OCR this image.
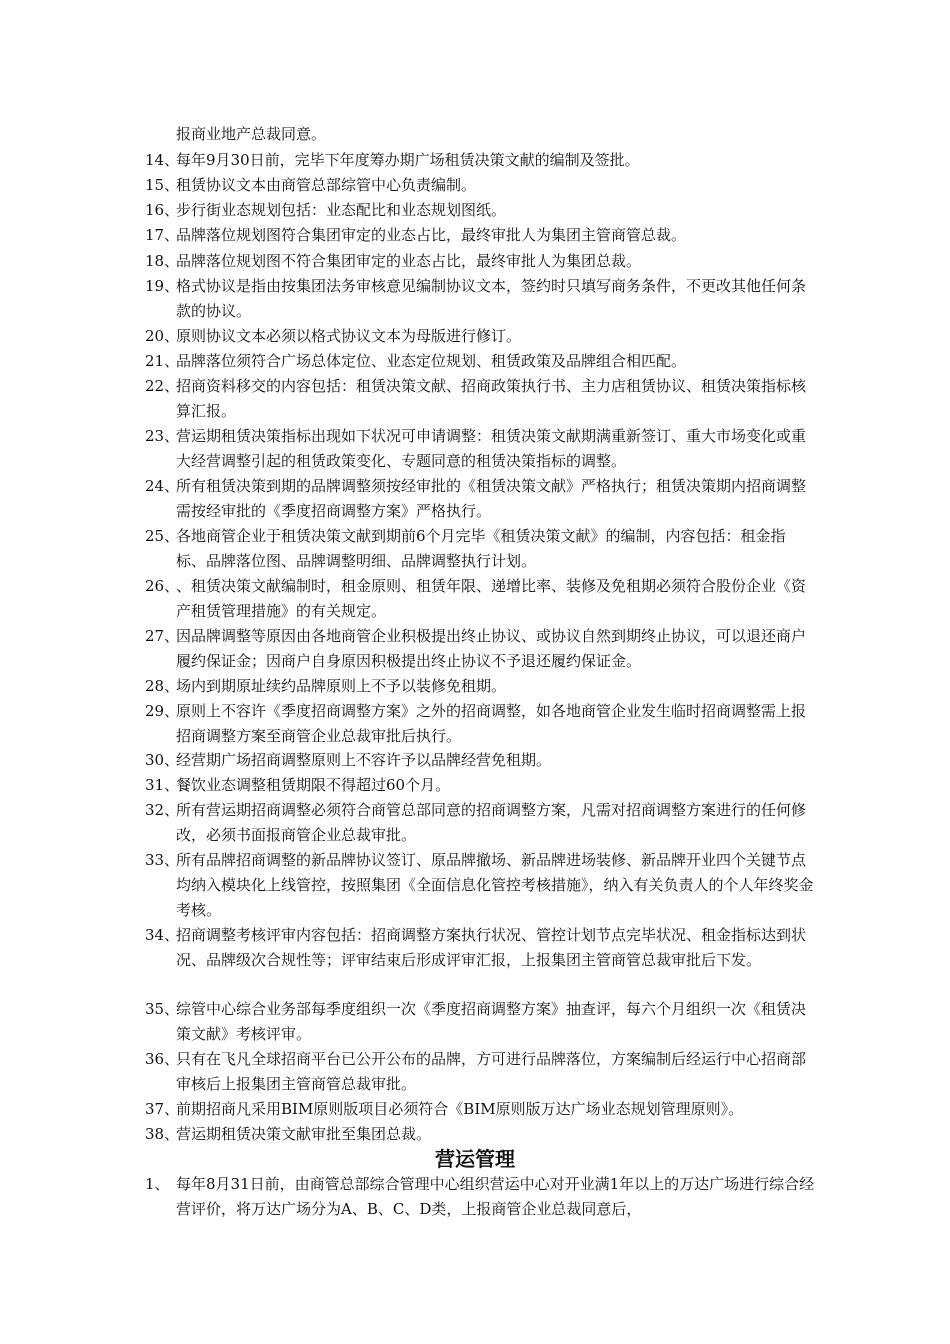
报商业地产总裁同意。
14、
每年9月30日前，完毕下年度筹办期广场租赁决策文献的编制及签批。
15、
租赁协议文本由商管总部综管中心负责编制。
16、
步行街业态规划包括：业态配比和业态规划图纸。
17、
品牌落位规划图符合集团审定的业态占比，最终审批人为集团主管商管总裁。
18、
品牌落位规划图不符合集团审定的业态占比，最终审批人为集团总裁。
19、
格式协议是指由按集团法务审核意见编制协议文本，签约时只填写商务条件，不更改其他任何条款的协议。
20、
原则协议文本必须以格式协议文本为母版进行修订。
21、
品牌落位须符合广场总体定位、业态定位规划、租赁政策及品牌组合相匹配。
22、
招商资料移交的内容包括：租赁决策文献、招商政策执行书、主力店租赁协议、租赁决策指标核算汇报。
23、
营运期租赁决策指标出现如下状况可申请调整：租赁决策文献期满重新签订、重大市场变化或重大经营调整引起的租赁政策变化、专题同意的租赁决策指标的调整。
24、
所有租赁决策到期的品牌调整须按经审批的《租赁决策文献》严格执行；租赁决策期内招商调整需按经审批的《季度招商调整方案》严格执行。
25、
各地商管企业于租赁决策文献到期前6个月完毕《租赁决策文献》的编制，内容包括：租金指标、品牌落位图、品牌调整明细、品牌调整执行计划。
26、
、租赁决策文献编制时，租金原则、租赁年限、递增比率、装修及免租期必须符合股份企业《资产租赁管理措施》的有关规定。
27、
因品牌调整等原因由各地商管企业积极提出终止协议、或协议自然到期终止协议，可以退还商户履约保证金；因商户自身原因积极提出终止协议不予退还履约保证金。
28、
场内到期原址续约品牌原则上不予以装修免租期。
29、
原则上不容许《季度招商调整方案》之外的招商调整，如各地商管企业发生临时招商调整需上报招商调整方案至商管企业总裁审批后执行。
30、
经营期广场招商调整原则上不容许予以品牌经营免租期。
31、
餐饮业态调整租赁期限不得超过60个月。
32、
所有营运期招商调整必须符合商管总部同意的招商调整方案，凡需对招商调整方案进行的任何修改，必须书面报商管企业总裁审批。
33、
所有品牌招商调整的新品牌协议签订、原品牌撤场、新品牌进场装修、新品牌开业四个关键节点均纳入模块化上线管控，按照集团《全面信息化管控考核措施》，纳入有关负责人的个人年终奖金考核。
34、
招商调整考核评审内容包括：招商调整方案执行状况、管控计划节点完毕状况、租金指标达到状况、品牌级次合规性等；评审结束后形成评审汇报，上报集团主管商管总裁审批后下发。
35、
综管中心综合业务部每季度组织一次《季度招商调整方案》抽查评，每六个月组织一次《租赁决策文献》考核评审。
36、
只有在飞凡全球招商平台已公开公布的品牌，方可进行品牌落位，方案编制后经运行中心招商部审核后上报集团主管商管总裁审批。
37、
前期招商凡采用BIM原则版项目必须符合《BIM原则版万达广场业态规划管理原则》。
38、
营运期租赁决策文献审批至集团总裁。
营运管理
1、 每年8月31日前，由商管总部综合管理中心组织营运中心对开业满1年以上的万达广场进行综合经营评价，将万达广场分为A、B、C、D类，上报商管企业总裁同意后，
